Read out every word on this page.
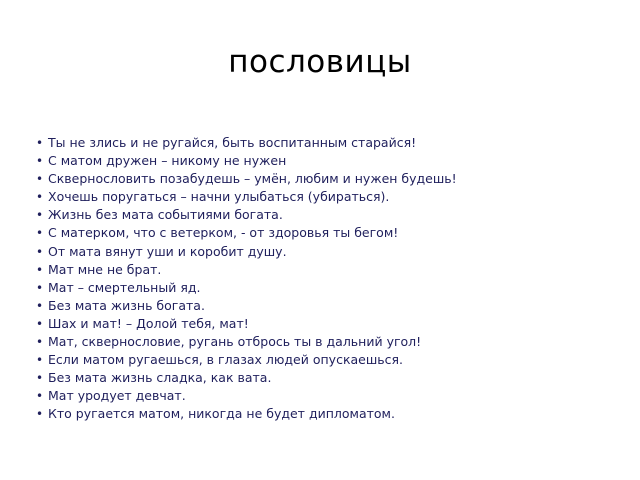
пословицы
• Ты не злись и не ругайся, быть воспитанным старайся!
• С матом дружен – никому не нужен
• Сквернословить позабудешь – умён, любим и нужен будешь!
• Хочешь поругаться – начни улыбаться (убираться).
• Жизнь без мата событиями богата.
• С матерком, что с ветерком, - от здоровья ты бегом!
• От мата вянут уши и коробит душу.
• Мат мне не брат.
• Мат – смертельный яд.
• Без мата жизнь богата.
• Шах и мат! – Долой тебя, мат!
• Мат, сквернословие, ругань отбрось ты в дальний угол!
• Если матом ругаешься, в глазах людей опускаешься.
• Без мата жизнь сладка, как вата.
• Мат уродует девчат.
• Кто ругается матом, никогда не будет дипломатом.
